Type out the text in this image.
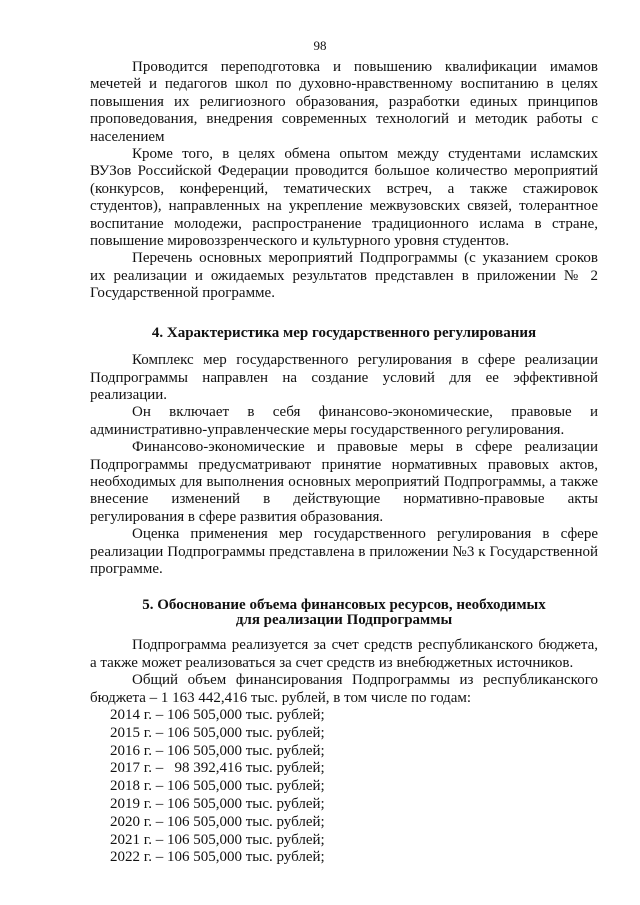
98

Проводится переподготовка и повышению квалификации имамов мечетей и педагогов школ по духовно-нравственному воспитанию в целях повышения их религиозного образования, разработки единых принципов проповедования, внедрения современных технологий и методик работы с населением

Кроме того, в целях обмена опытом между студентами исламских ВУЗов Российской Федерации проводится большое количество мероприятий (конкурсов, конференций, тематических встреч, а также стажировок студентов), направленных на укрепление межвузовских связей, толерантное воспитание молодежи, распространение традиционного ислама в стране, повышение мировоззренческого и культурного уровня студентов.

Перечень основных мероприятий Подпрограммы (с указанием сроков их реализации и ожидаемых результатов представлен в приложении № 2 Государственной программе.

4. Характеристика мер государственного регулирования

Комплекс мер государственного регулирования в сфере реализации Подпрограммы направлен на создание условий для ее эффективной реализации.

Он включает в себя финансово-экономические, правовые и административно-управленческие меры государственного регулирования.

Финансово-экономические и правовые меры в сфере реализации Подпрограммы предусматривают принятие нормативных правовых актов, необходимых для выполнения основных мероприятий Подпрограммы, а также внесение изменений в действующие нормативно-правовые акты регулирования в сфере развития образования.

Оценка применения мер государственного регулирования в сфере реализации Подпрограммы представлена в приложении №3 к Государственной программе.

5. Обоснование объема финансовых ресурсов, необходимых
для реализации Подпрограммы

Подпрограмма реализуется за счет средств республиканского бюджета, а также может реализоваться за счет средств из внебюджетных источников.

Общий объем финансирования Подпрограммы из республиканского бюджета – 1 163 442,416 тыс. рублей, в том числе по годам:

2014 г. – 106 505,000 тыс. рублей;
2015 г. – 106 505,000 тыс. рублей;
2016 г. – 106 505,000 тыс. рублей;
2017 г. –   98 392,416 тыс. рублей;
2018 г. – 106 505,000 тыс. рублей;
2019 г. – 106 505,000 тыс. рублей;
2020 г. – 106 505,000 тыс. рублей;
2021 г. – 106 505,000 тыс. рублей;
2022 г. – 106 505,000 тыс. рублей;
